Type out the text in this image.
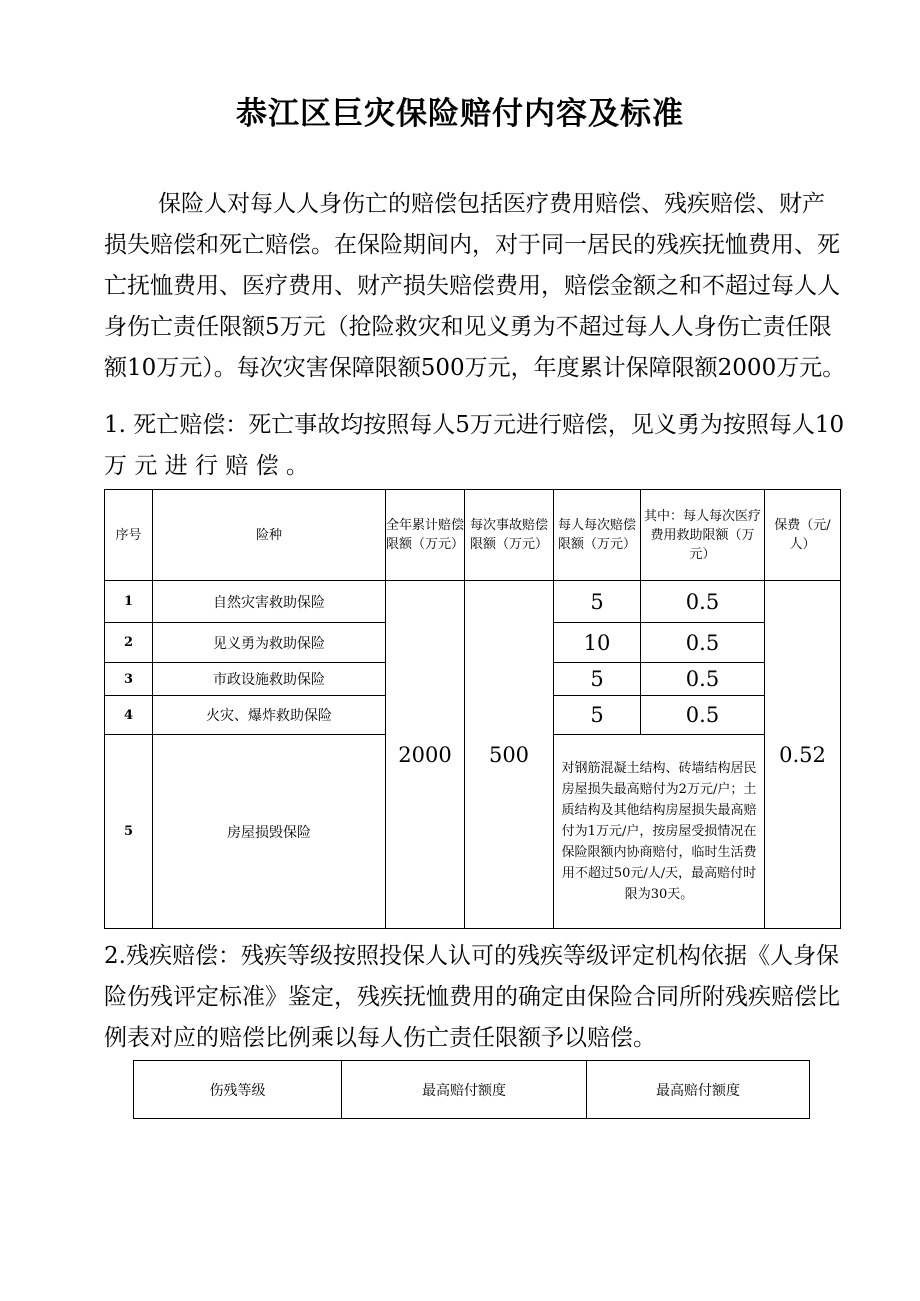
恭江区巨灾保险赔付内容及标准
保险人对每人人身伤亡的赔偿包括医疗费用赔偿、残疾赔偿、财产
损失赔偿和死亡赔偿。在保险期间内，对于同一居民的残疾抚恤费用、死
亡抚恤费用、医疗费用、财产损失赔偿费用，赔偿金额之和不超过每人人
身伤亡责任限额5万元（抢险救灾和见义勇为不超过每人人身伤亡责任限
额10万元）。每次灾害保障限额500万元，年度累计保障限额2000万元。
1. 死亡赔偿：死亡事故均按照每人5万元进行赔偿，见义勇为按照每人10
万 元 进 行 赔 偿 。
序号	险种	全年累计赔偿限额（万元）	每次事故赔偿限额（万元）	每人每次赔偿限额（万元）	其中：每人每次医疗费用救助限额（万元）	保费（元/人）
1	自然灾害救助保险	2000	500	5	0.5	0.52
2	见义勇为救助保险			10	0.5	
3	市政设施救助保险			5	0.5	
4	火灾、爆炸救助保险			5	0.5	
5	房屋损毁保险			对钢筋混凝土结构、砖墙结构居民房屋损失最高赔付为2万元/户；土质结构及其他结构房屋损失最高赔付为1万元/户，按房屋受损情况在保险限额内协商赔付，临时生活费用不超过50元/人/天，最高赔付时限为30天。		
2.残疾赔偿：残疾等级按照投保人认可的残疾等级评定机构依据《人身保
险伤残评定标准》鉴定，残疾抚恤费用的确定由保险合同所附残疾赔偿比
例表对应的赔偿比例乘以每人伤亡责任限额予以赔偿。
伤残等级	最高赔付额度	最高赔付额度
